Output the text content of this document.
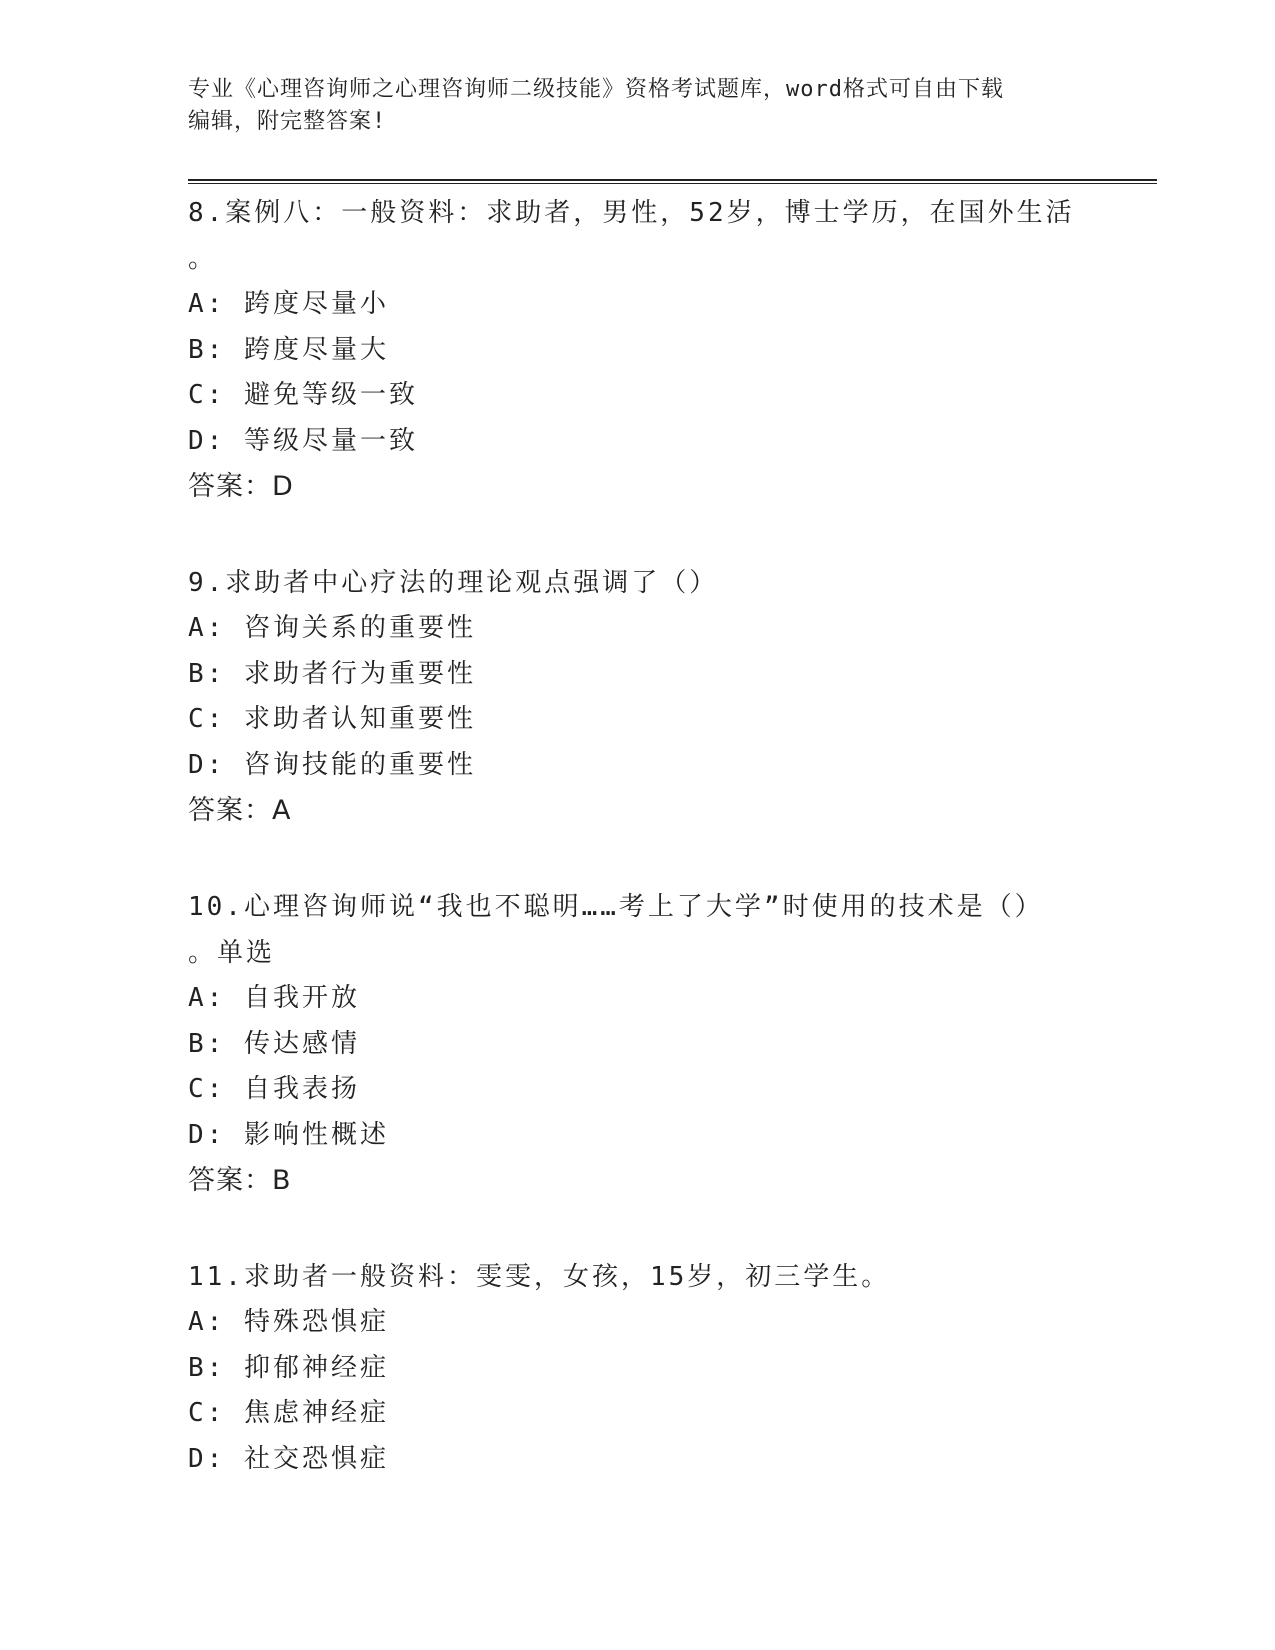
专业《心理咨询师之心理咨询师二级技能》资格考试题库，word格式可自由下载
编辑，附完整答案!
8.案例八：一般资料：求助者，男性，52岁，博士学历，在国外生活
。
A: 跨度尽量小
B: 跨度尽量大
C: 避免等级一致
D: 等级尽量一致
答案：D
9.求助者中心疗法的理论观点强调了（）
A: 咨询关系的重要性
B: 求助者行为重要性
C: 求助者认知重要性
D: 咨询技能的重要性
答案：A
10.心理咨询师说“我也不聪明……考上了大学”时使用的技术是（）
。单选
A: 自我开放
B: 传达感情
C: 自我表扬
D: 影响性概述
答案：B
11.求助者一般资料：雯雯，女孩，15岁，初三学生。
A: 特殊恐惧症
B: 抑郁神经症
C: 焦虑神经症
D: 社交恐惧症
